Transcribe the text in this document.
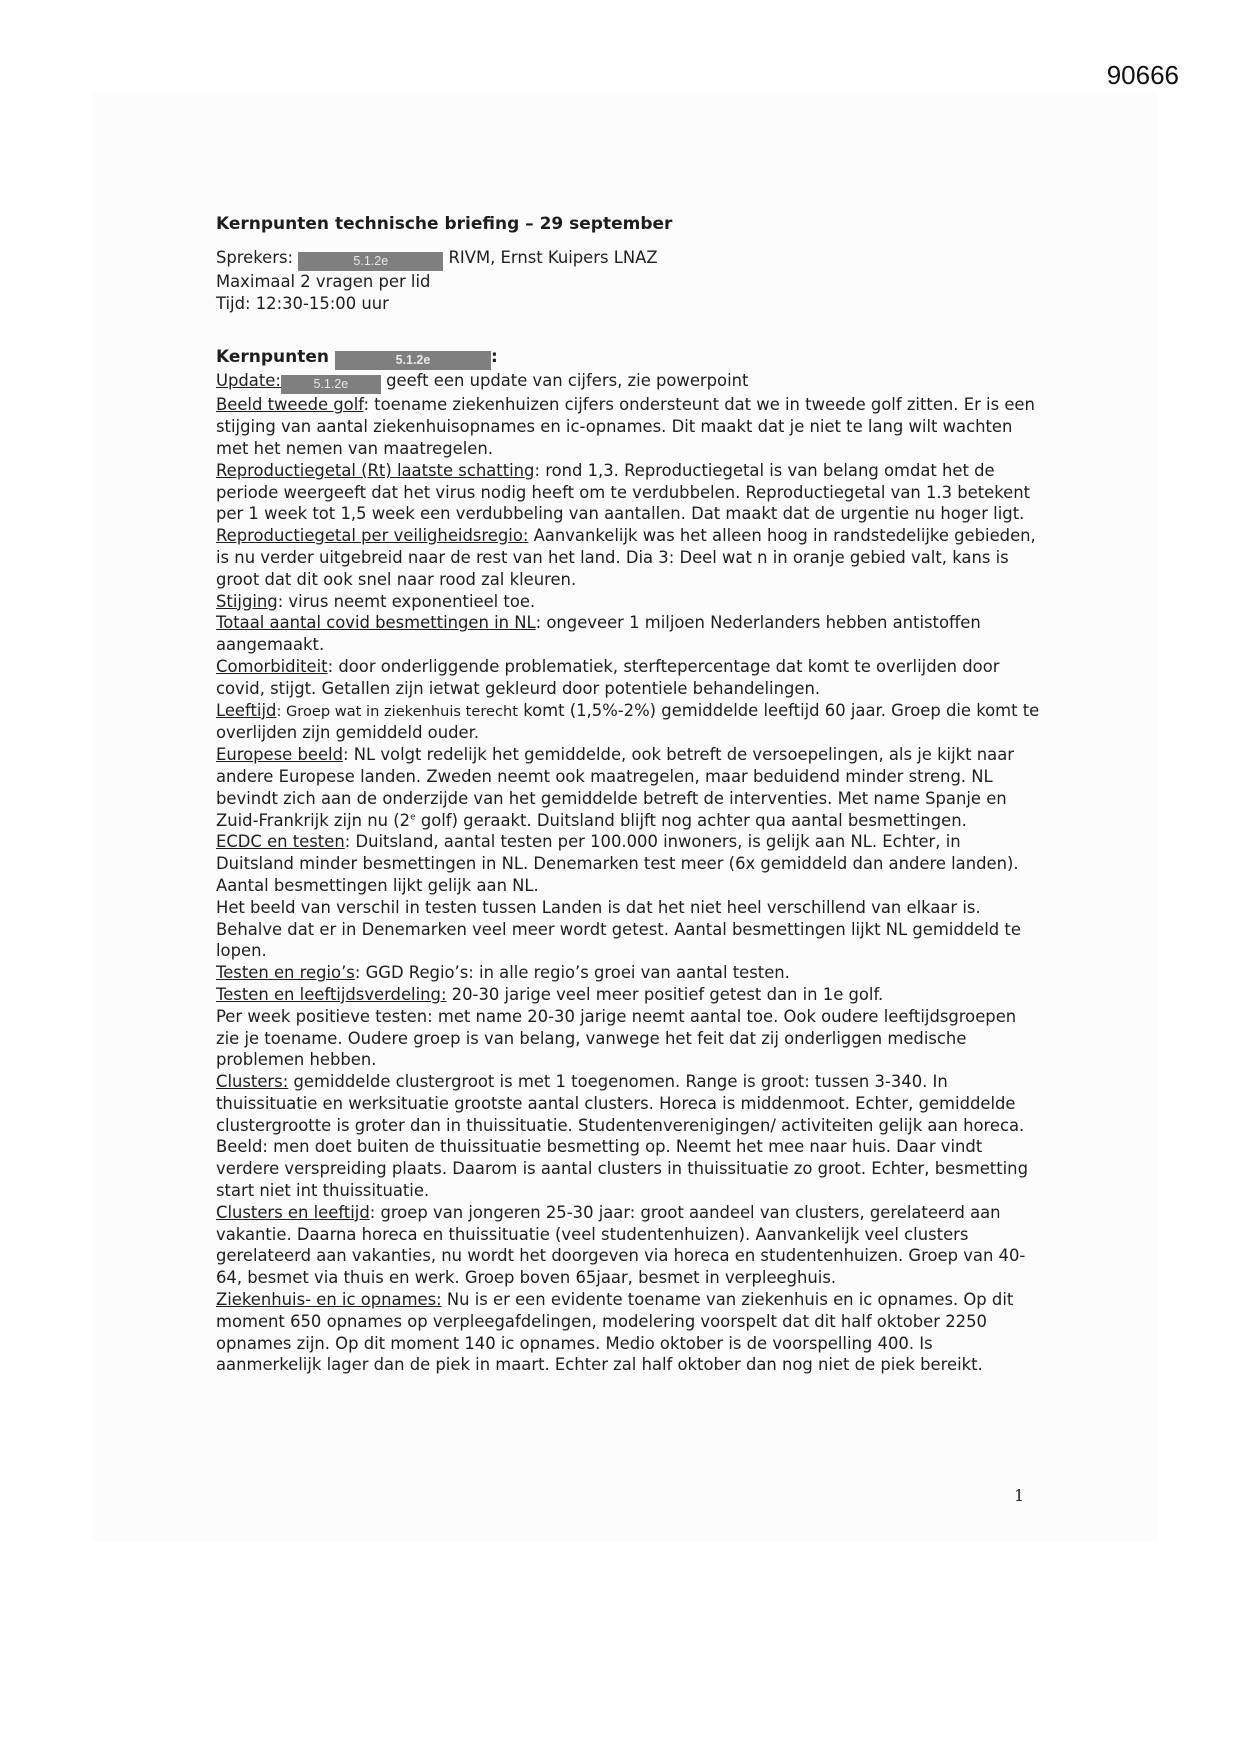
90666
Kernpunten technische briefing – 29 september

Sprekers:	5.1.2e	RIVM, Ernst Kuipers LNAZ

Maximaal 2 vragen per lid

Tijd: 12:30-15:00 uur

Kernpunten	5.1.2e	:

Update:	5.1.2e geeft een update van cijfers, zie powerpoint

Beeld tweede golf: toename ziekenhuizen cijfers ondersteunt dat we in tweede golf zitten. Er is een stijging van aantal ziekenhuisopnames en ic-opnames. Dit maakt dat je niet te lang wilt wachten met het nemen van maatregelen.

Reproductiegetal (Rt) laatste schatting: rond 1,3. Reproductiegetal is van belang omdat het de periode weergeeft dat het virus nodig heeft om te verdubbelen. Reproductiegetal van 1.3 betekent per 1 week tot 1,5 week een verdubbeling van aantallen. Dat maakt dat de urgentie nu hoger ligt.

Reproductiegetal per veiligheidsregio: Aanvankelijk was het alleen hoog in randstedelijke gebieden, is nu verder uitgebreid naar de rest van het land. Dia 3: Deel wat n in oranje gebied valt, kans is groot dat dit ook snel naar rood zal kleuren.

Stijging: virus neemt exponentieel toe.

Totaal aantal covid besmettingen in NL: ongeveer 1 miljoen Nederlanders hebben antistoffen aangemaakt.

Comorbiditeit: door onderliggende problematiek, sterftepercentage dat komt te overlijden door covid, stijgt. Getallen zijn ietwat gekleurd door potentiele behandelingen.

Leeftijd: Groep wat in ziekenhuis terecht komt (1,5%-2%) gemiddelde leeftijd 60 jaar. Groep die komt te overlijden zijn gemiddeld ouder.

Europese beeld: NL volgt redelijk het gemiddelde, ook betreft de versoepelingen, als je kijkt naar andere Europese landen. Zweden neemt ook maatregelen, maar beduidend minder streng. NL bevindt zich aan de onderzijde van het gemiddelde betreft de interventies. Met name Spanje en Zuid-Frankrijk zijn nu (2e golf) geraakt. Duitsland blijft nog achter qua aantal besmettingen.

ECDC en testen: Duitsland, aantal testen per 100.000 inwoners, is gelijk aan NL. Echter, in Duitsland minder besmettingen in NL. Denemarken test meer (6x gemiddeld dan andere landen). Aantal besmettingen lijkt gelijk aan NL.

Het beeld van verschil in testen tussen Landen is dat het niet heel verschillend van elkaar is. Behalve dat er in Denemarken veel meer wordt getest. Aantal besmettingen lijkt NL gemiddeld te lopen.

Testen en regio’s: GGD Regio’s: in alle regio’s groei van aantal testen.

Testen en leeftijdsverdeling: 20-30 jarige veel meer positief getest dan in 1e golf.

Per week positieve testen: met name 20-30 jarige neemt aantal toe. Ook oudere leeftijdsgroepen zie je toename. Oudere groep is van belang, vanwege het feit dat zij onderliggen medische problemen hebben.

Clusters: gemiddelde clustergroot is met 1 toegenomen. Range is groot: tussen 3-340. In thuissituatie en werksituatie grootste aantal clusters. Horeca is middenmoot. Echter, gemiddelde clustergrootte is groter dan in thuissituatie. Studentenverenigingen/ activiteiten gelijk aan horeca. Beeld: men doet buiten de thuissituatie besmetting op. Neemt het mee naar huis. Daar vindt verdere verspreiding plaats. Daarom is aantal clusters in thuissituatie zo groot. Echter, besmetting start niet int thuissituatie.

Clusters en leeftijd: groep van jongeren 25-30 jaar: groot aandeel van clusters, gerelateerd aan vakantie. Daarna horeca en thuissituatie (veel studentenhuizen). Aanvankelijk veel clusters gerelateerd aan vakanties, nu wordt het doorgeven via horeca en studentenhuizen. Groep van 40-64, besmet via thuis en werk. Groep boven 65jaar, besmet in verpleeghuis.

Ziekenhuis- en ic opnames: Nu is er een evidente toename van ziekenhuis en ic opnames. Op dit moment 650 opnames op verpleegafdelingen, modelering voorspelt dat dit half oktober 2250 opnames zijn. Op dit moment 140 ic opnames. Medio oktober is de voorspelling 400. Is aanmerkelijk lager dan de piek in maart. Echter zal half oktober dan nog niet de piek bereikt.

1
